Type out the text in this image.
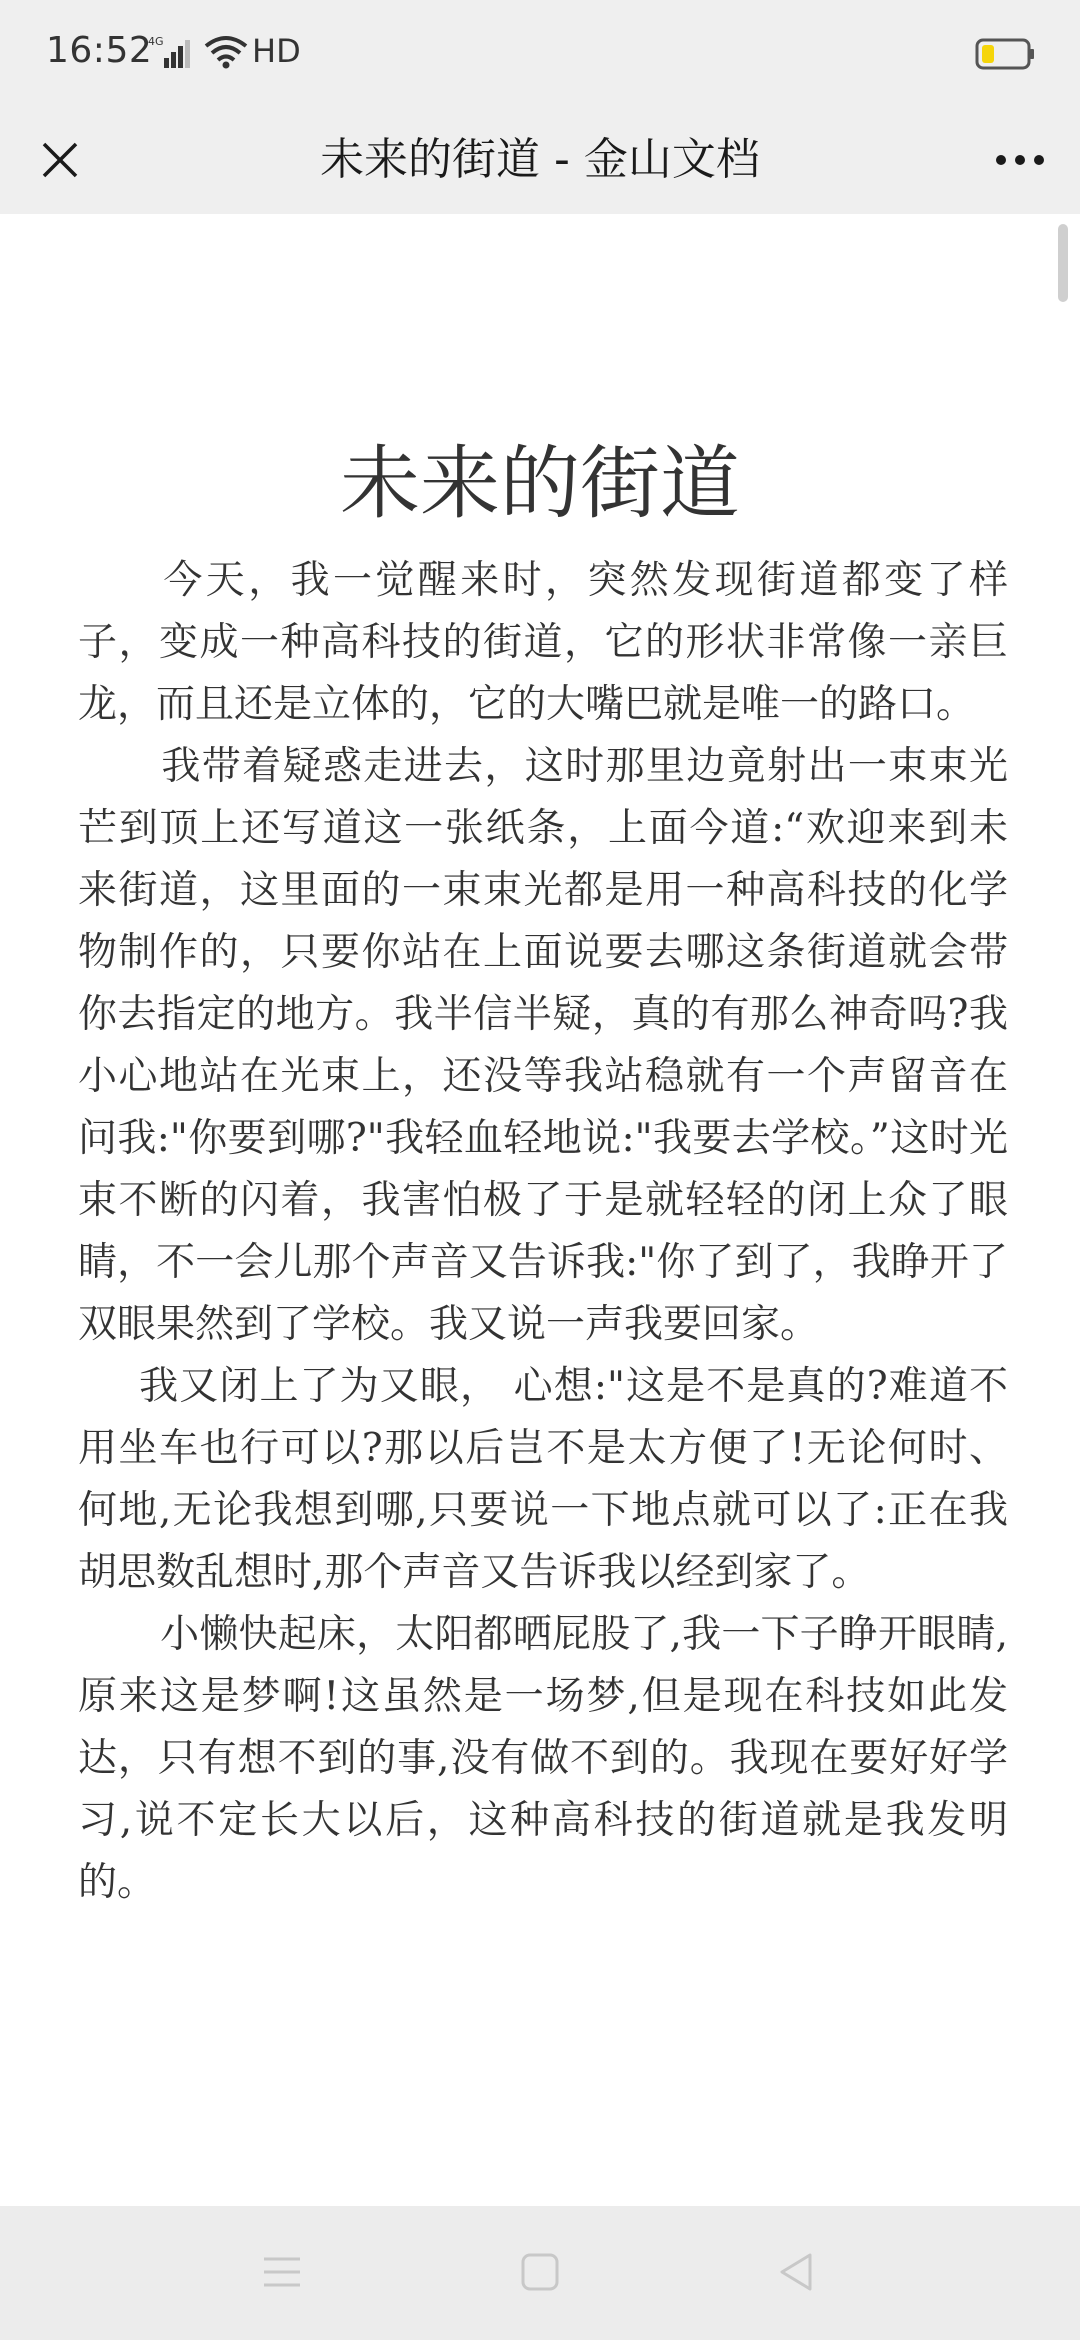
16:52
4G	HD
未来的街道 - 金山文档
未来的街道

今天，我一觉醒来时，突然发现街道都变了样子，变成一种高科技的街道，它的形状非常像一亲巨龙，而且还是立体的，它的大嘴巴就是唯一的路口。

我带着疑惑走进去，这时那里边竟射出一束束光芒到顶上还写道这一张纸条，上面今道:“欢迎来到未来街道，这里面的一束束光都是用一种高科技的化学物制作的，只要你站在上面说要去哪这条街道就会带你去指定的地方。我半信半疑，真的有那么神奇吗?我小心地站在光束上，还没等我站稳就有一个声留音在问我:"你要到哪?"我轻血轻地说:"我要去学校。”这时光束不断的闪着，我害怕极了于是就轻轻的闭上众了眼睛，不一会儿那个声音又告诉我:"你了到了，我睁开了双眼果然到了学校。我又说一声我要回家。

我又闭上了为又眼， 心想:"这是不是真的?难道不用坐车也行可以?那以后岂不是太方便了!无论何时、何地,无论我想到哪,只要说一下地点就可以了:正在我胡思数乱想时,那个声音又告诉我以经到家了。

小懒快起床，太阳都晒屁股了,我一下子睁开眼睛,原来这是梦啊!这虽然是一场梦,但是现在科技如此发达，只有想不到的事,没有做不到的。我现在要好好学习,说不定长大以后，这种高科技的街道就是我发明的。
